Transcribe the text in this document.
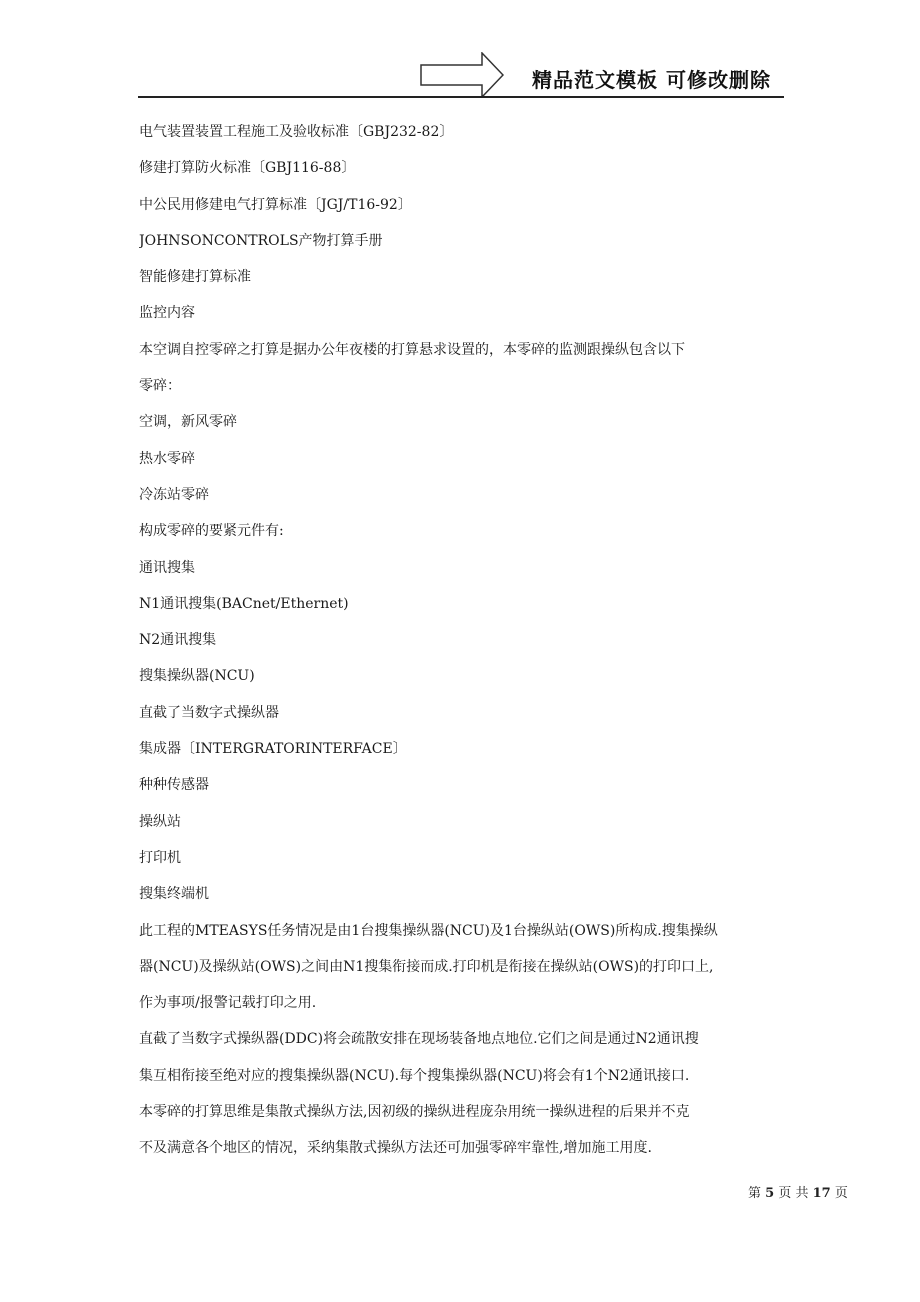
精品范文模板 可修改删除
电气装置装置工程施工及验收标准〔GBJ232-82〕
修建打算防火标准〔GBJ116-88〕
中公民用修建电气打算标准〔JGJ/T16-92〕
JOHNSONCONTROLS产物打算手册
智能修建打算标准
监控内容
本空调自控零碎之打算是据办公年夜楼的打算悬求设置的，本零碎的监测跟操纵包含以下
零碎：
空调，新风零碎
热水零碎
冷冻站零碎
构成零碎的要紧元件有:
通讯搜集
N1通讯搜集(BACnet/Ethernet)
N2通讯搜集
搜集操纵器(NCU)
直截了当数字式操纵器
集成器〔INTERGRATORINTERFACE〕
种种传感器
操纵站
打印机
搜集终端机
此工程的MTEASYS任务情况是由1台搜集操纵器(NCU)及1台操纵站(OWS)所构成.搜集操纵
器(NCU)及操纵站(OWS)之间由N1搜集衔接而成.打印机是衔接在操纵站(OWS)的打印口上,
作为事项/报警记载打印之用.
直截了当数字式操纵器(DDC)将会疏散安排在现场装备地点地位.它们之间是通过N2通讯搜
集互相衔接至绝对应的搜集操纵器(NCU).每个搜集操纵器(NCU)将会有1个N2通讯接口.
本零碎的打算思维是集散式操纵方法,因初级的操纵进程庞杂用统一操纵进程的后果并不克
不及满意各个地区的情况，采纳集散式操纵方法还可加强零碎牢靠性,增加施工用度.
第 5 页 共 17 页
